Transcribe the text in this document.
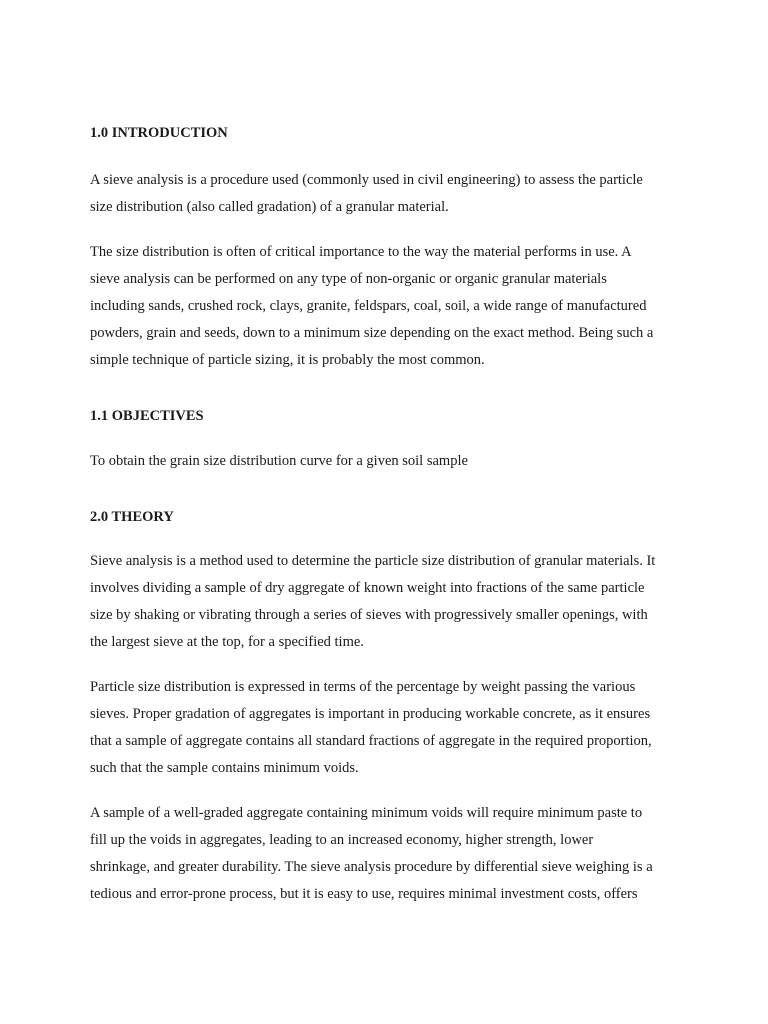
1.0 INTRODUCTION

A sieve analysis is a procedure used (commonly used in civil engineering) to assess the particle
size distribution (also called gradation) of a granular material.

The size distribution is often of critical importance to the way the material performs in use. A
sieve analysis can be performed on any type of non-organic or organic granular materials
including sands, crushed rock, clays, granite, feldspars, coal, soil, a wide range of manufactured
powders, grain and seeds, down to a minimum size depending on the exact method. Being such a
simple technique of particle sizing, it is probably the most common.

1.1 OBJECTIVES

To obtain the grain size distribution curve for a given soil sample

2.0 THEORY

Sieve analysis is a method used to determine the particle size distribution of granular materials. It
involves dividing a sample of dry aggregate of known weight into fractions of the same particle
size by shaking or vibrating through a series of sieves with progressively smaller openings, with
the largest sieve at the top, for a specified time.

Particle size distribution is expressed in terms of the percentage by weight passing the various
sieves. Proper gradation of aggregates is important in producing workable concrete, as it ensures
that a sample of aggregate contains all standard fractions of aggregate in the required proportion,
such that the sample contains minimum voids.

A sample of a well-graded aggregate containing minimum voids will require minimum paste to
fill up the voids in aggregates, leading to an increased economy, higher strength, lower
shrinkage, and greater durability. The sieve analysis procedure by differential sieve weighing is a
tedious and error-prone process, but it is easy to use, requires minimal investment costs, offers
